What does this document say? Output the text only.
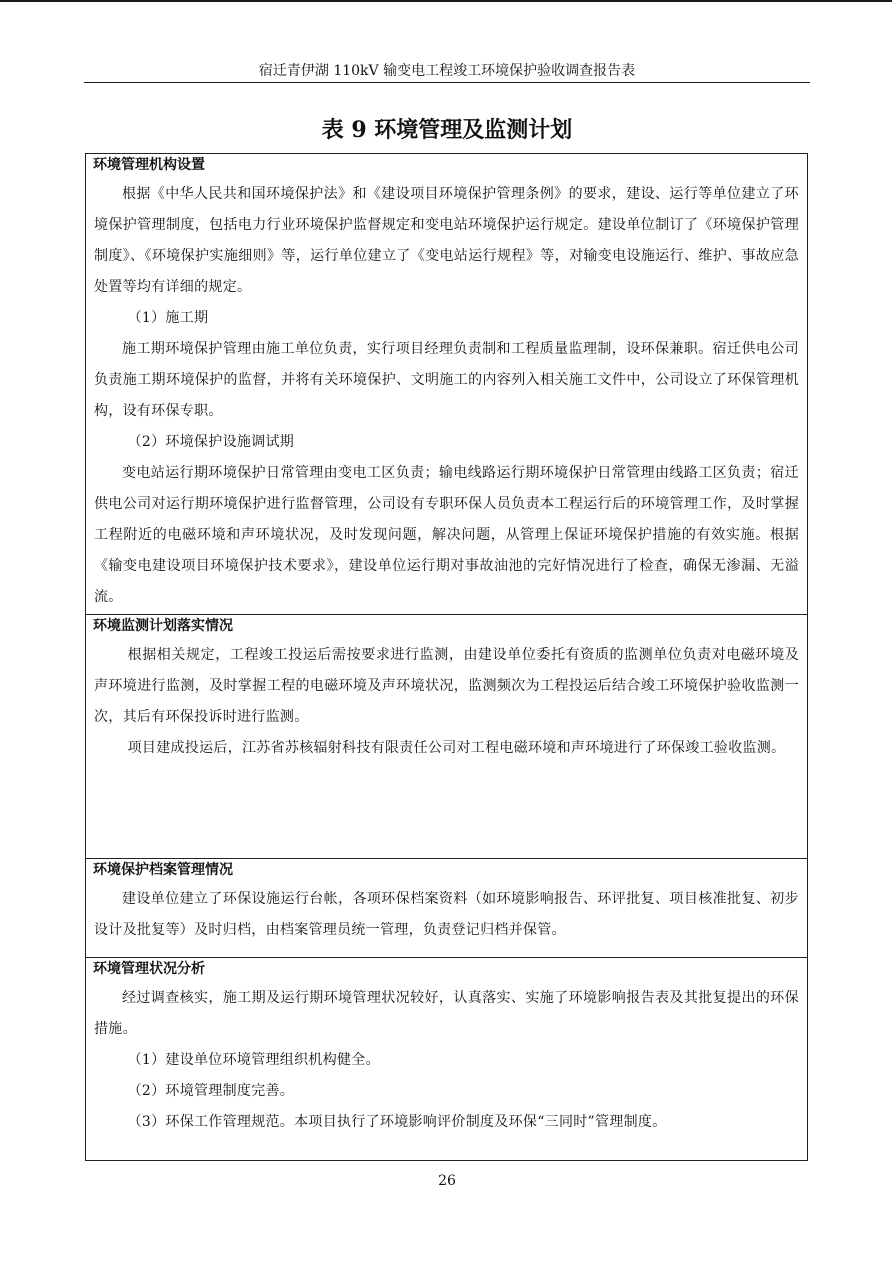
宿迁青伊湖 110kV 输变电工程竣工环境保护验收调查报告表
表 9 环境管理及监测计划

环境管理机构设置

根据《中华人民共和国环境保护法》和《建设项目环境保护管理条例》的要求，建设、运行等单位建立了环境保护管理制度，包括电力行业环境保护监督规定和变电站环境保护运行规定。建设单位制订了《环境保护管理制度》、《环境保护实施细则》等，运行单位建立了《变电站运行规程》等，对输变电设施运行、维护、事故应急处置等均有详细的规定。

（1）施工期

施工期环境保护管理由施工单位负责，实行项目经理负责制和工程质量监理制，设环保兼职。宿迁供电公司负责施工期环境保护的监督，并将有关环境保护、文明施工的内容列入相关施工文件中，公司设立了环保管理机构，设有环保专职。

（2）环境保护设施调试期

变电站运行期环境保护日常管理由变电工区负责；输电线路运行期环境保护日常管理由线路工区负责；宿迁供电公司对运行期环境保护进行监督管理，公司设有专职环保人员负责本工程运行后的环境管理工作，及时掌握工程附近的电磁环境和声环境状况，及时发现问题，解决问题，从管理上保证环境保护措施的有效实施。根据《输变电建设项目环境保护技术要求》，建设单位运行期对事故油池的完好情况进行了检查，确保无渗漏、无溢流。

环境监测计划落实情况

根据相关规定，工程竣工投运后需按要求进行监测，由建设单位委托有资质的监测单位负责对电磁环境及声环境进行监测，及时掌握工程的电磁环境及声环境状况，监测频次为工程投运后结合竣工环境保护验收监测一次，其后有环保投诉时进行监测。

项目建成投运后，江苏省苏核辐射科技有限责任公司对工程电磁环境和声环境进行了环保竣工验收监测。

环境保护档案管理情况

建设单位建立了环保设施运行台帐，各项环保档案资料（如环境影响报告、环评批复、项目核准批复、初步设计及批复等）及时归档，由档案管理员统一管理，负责登记归档并保管。

环境管理状况分析

经过调查核实，施工期及运行期环境管理状况较好，认真落实、实施了环境影响报告表及其批复提出的环保措施。

（1）建设单位环境管理组织机构健全。

（2）环境管理制度完善。

（3）环保工作管理规范。本项目执行了环境影响评价制度及环保“三同时”管理制度。

26
